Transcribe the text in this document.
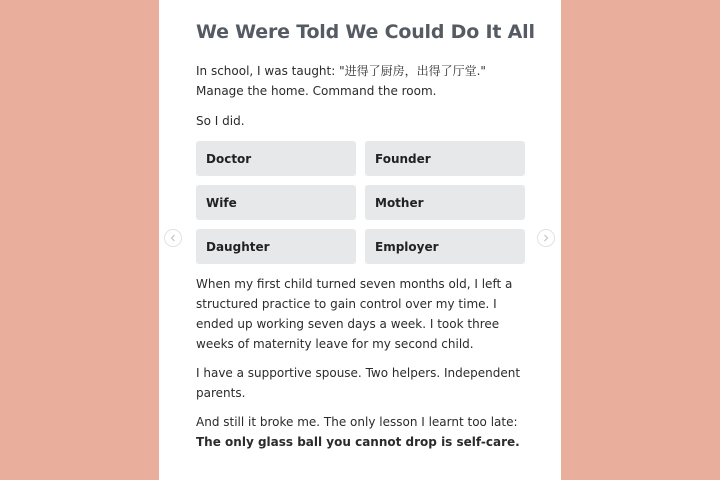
We Were Told We Could Do It All

In school, I was taught: "进得了厨房，出得了厅堂." Manage the home. Command the room.

So I did.

Doctor	Founder
Wife	Mother
Daughter	Employer

When my first child turned seven months old, I left a structured practice to gain control over my time. I ended up working seven days a week. I took three weeks of maternity leave for my second child.

I have a supportive spouse. Two helpers. Independent parents.

And still it broke me. The only lesson I learnt too late: The only glass ball you cannot drop is self-care.
